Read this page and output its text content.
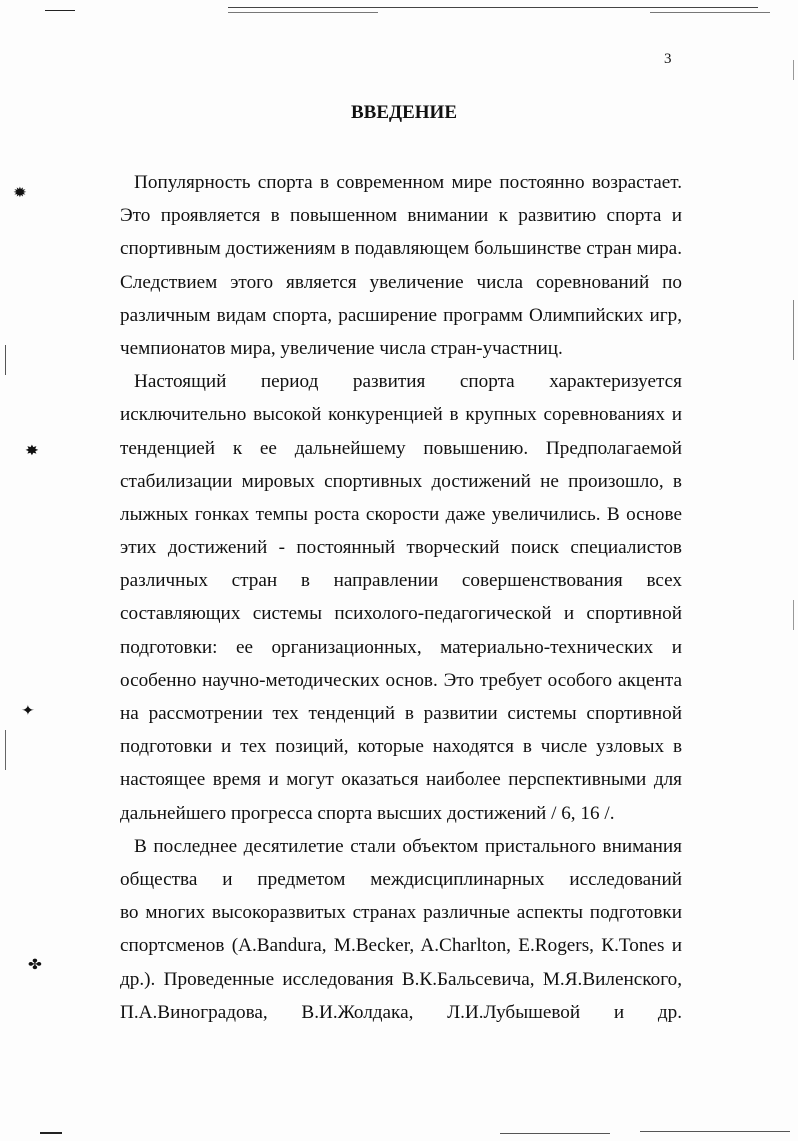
✹
✸
✦
✤
3
ВВЕДЕНИЕ
Популярность спорта в современном мире постоянно возрастает.
Это проявляется в повышенном внимании к развитию спорта и
спортивным достижениям в подавляющем большинстве стран мира.
Следствием этого является увеличение числа соревнований по
различным видам спорта, расширение программ Олимпийских игр,
чемпионатов мира, увеличение числа стран-участниц.
Настоящий период развития спорта характеризуется
исключительно высокой конкуренцией в крупных соревнованиях и
тенденцией к ее дальнейшему повышению. Предполагаемой
стабилизации мировых спортивных достижений не произошло, в
лыжных гонках темпы роста скорости даже увеличились. В основе
этих достижений - постоянный творческий поиск специалистов
различных стран в направлении совершенствования всех
составляющих системы психолого-педагогической и спортивной
подготовки: ее организационных, материально-технических и
особенно научно-методических основ. Это требует особого акцента
на рассмотрении тех тенденций в развитии системы спортивной
подготовки и тех позиций, которые находятся в числе узловых в
настоящее время и могут оказаться наиболее перспективными для
дальнейшего прогресса спорта высших достижений / 6, 16 /.
В последнее десятилетие стали объектом пристального внимания
общества и предметом междисциплинарных исследований
во многих высокоразвитых странах различные аспекты подготовки
спортсменов (A.Bandura, M.Becker, A.Charlton, E.Rogers, К.Tones и
др.). Проведенные исследования В.К.Бальсевича, М.Я.Виленского,
П.А.Виноградова, В.И.Жолдака, Л.И.Лубышевой и др.
